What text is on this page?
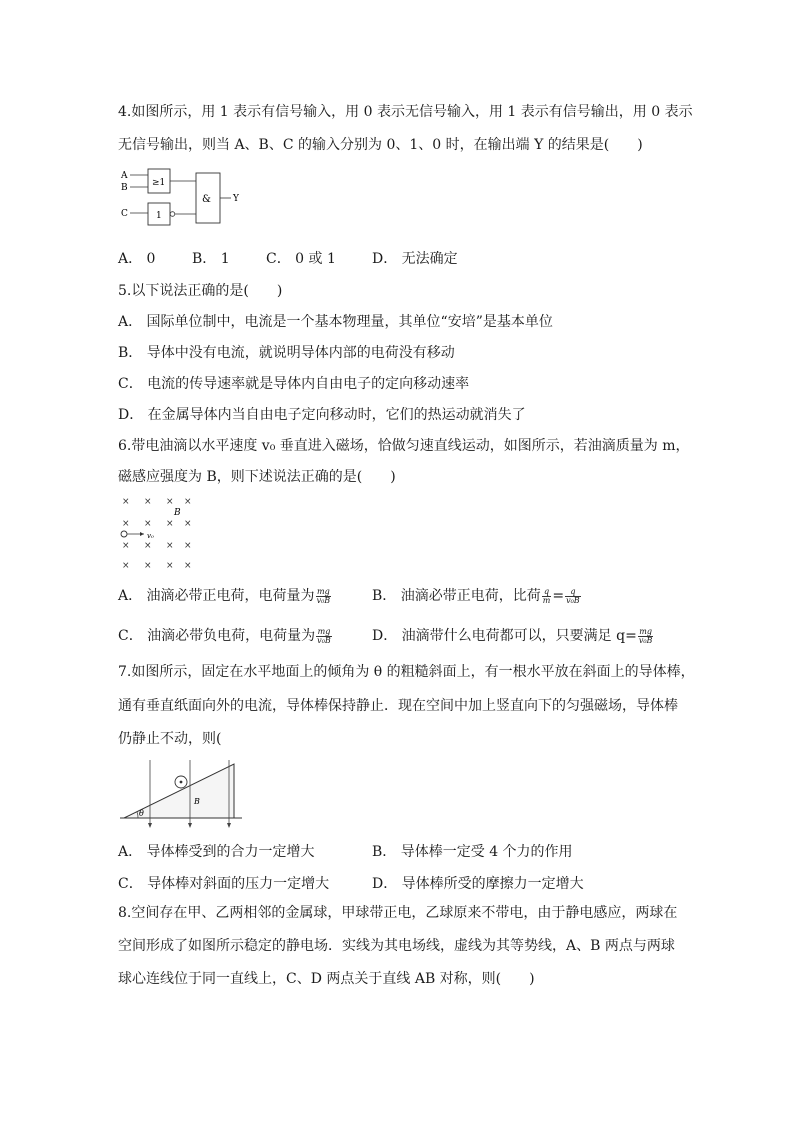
4.如图所示，用 1 表示有信号输入，用 0 表示无信号输入，用 1 表示有信号输出，用 0 表示
无信号输出，则当 A、B、C 的输入分别为 0、1、0 时，在输出端 Y 的结果是(　　)
A
B
C
≥1
1
& Y
A． 0	B． 1	C． 0 或 1	D． 无法确定
5.以下说法正确的是(　　)
A． 国际单位制中，电流是一个基本物理量，其单位“安培”是基本单位
B． 导体中没有电流，就说明导体内部的电荷没有移动
C． 电流的传导速率就是导体内自由电子的定向移动速率
D． 在金属导体内当自由电子定向移动时，它们的热运动就消失了
6.带电油滴以水平速度 v₀ 垂直进入磁场，恰做匀速直线运动，如图所示，若油滴质量为 m，
磁感应强度为 B，则下述说法正确的是(　　)
× × × ×
× × × ×
× × × ×
× × × ×
B
v₀
A． 油滴必带正电荷，电荷量为 $\frac{mg}{\text{v₀B}}$	B． 油滴必带正电荷，比荷 $\frac{q}{m} = \frac{q}{\text{v₀B}}$
C． 油滴必带负电荷，电荷量为 $\frac{mg}{\text{v₀B}}$	D． 油滴带什么电荷都可以，只要满足 $q= \frac{mg}{\text{v₀B}}$
7.如图所示，固定在水平地面上的倾角为 θ 的粗糙斜面上，有一根水平放在斜面上的导体棒，
通有垂直纸面向外的电流，导体棒保持静止．现在空间中加上竖直向下的匀强磁场，导体棒
仍静止不动，则(
θ
B
A． 导体棒受到的合力一定增大	B． 导体棒一定受 4 个力的作用
C． 导体棒对斜面的压力一定增大	D． 导体棒所受的摩擦力一定增大
8.空间存在甲、乙两相邻的金属球，甲球带正电，乙球原来不带电，由于静电感应，两球在
空间形成了如图所示稳定的静电场．实线为其电场线，虚线为其等势线，A、B 两点与两球
球心连线位于同一直线上，C、D 两点关于直线 AB 对称，则(　　)
